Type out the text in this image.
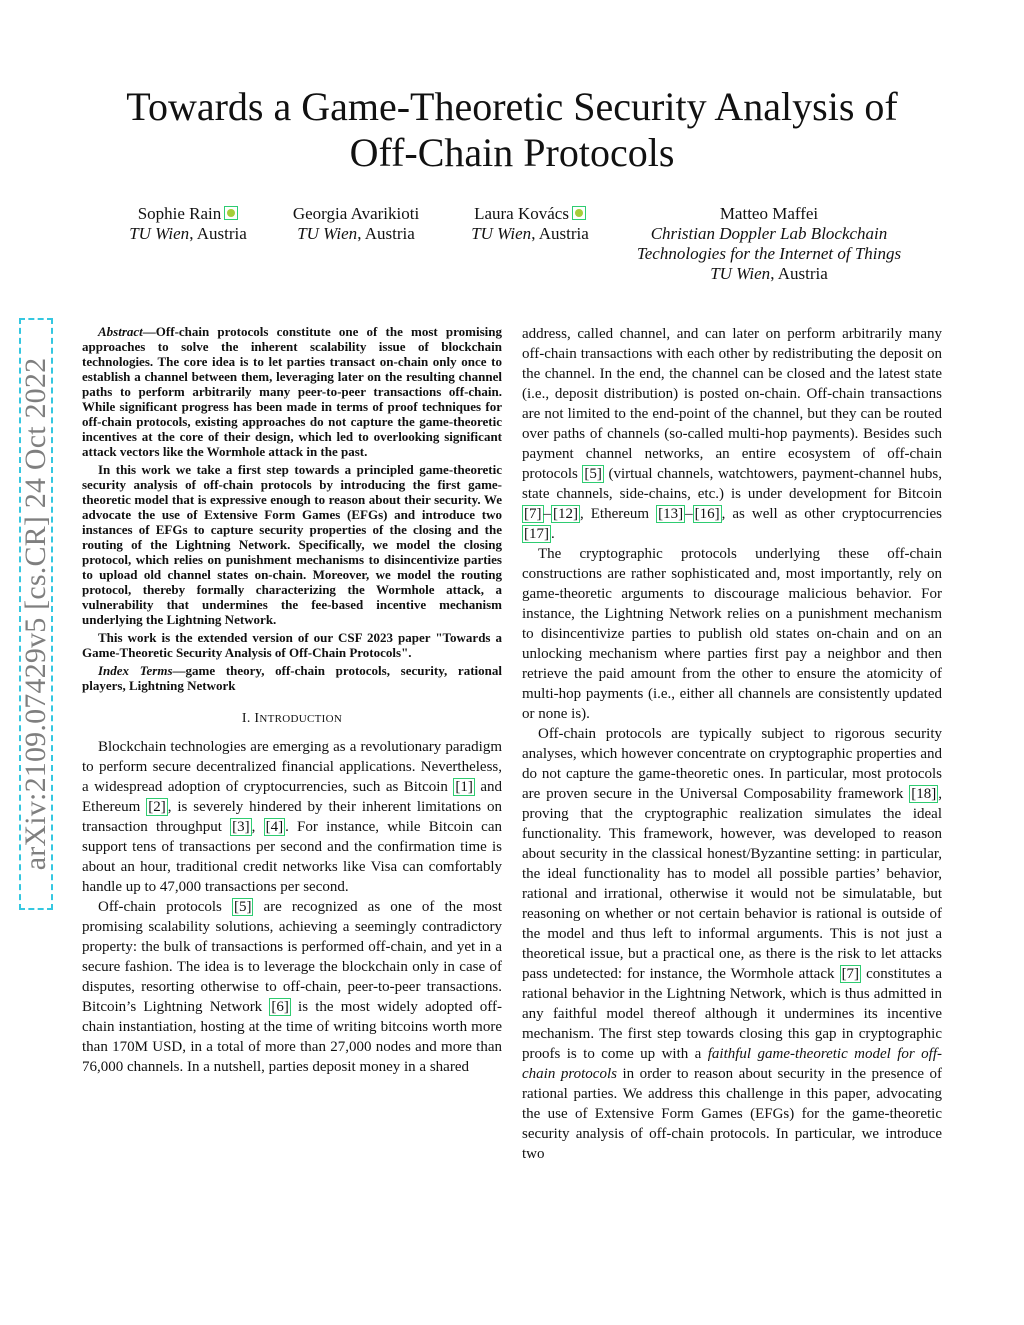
arXiv:2109.07429v5 [cs.CR] 24 Oct 2022
Towards a Game-Theoretic Security Analysis of
Off-Chain Protocols
Sophie Rain
TU Wien, Austria
Georgia Avarikioti
TU Wien, Austria
Laura Kovács
TU Wien, Austria
Matteo Maffei
Christian Doppler Lab Blockchain
Technologies for the Internet of Things
TU Wien, Austria

Abstract—Off-chain protocols constitute one of the most promising approaches to solve the inherent scalability issue of blockchain technologies. The core idea is to let parties transact on-chain only once to establish a channel between them, leveraging later on the resulting channel paths to perform arbitrarily many peer-to-peer transactions off-chain. While significant progress has been made in terms of proof techniques for off-chain protocols, existing approaches do not capture the game-theoretic incentives at the core of their design, which led to overlooking significant attack vectors like the Wormhole attack in the past.

In this work we take a first step towards a principled game-theoretic security analysis of off-chain protocols by introducing the first game-theoretic model that is expressive enough to reason about their security. We advocate the use of Extensive Form Games (EFGs) and introduce two instances of EFGs to capture security properties of the closing and the routing of the Lightning Network. Specifically, we model the closing protocol, which relies on punishment mechanisms to disincentivize parties to upload old channel states on-chain. Moreover, we model the routing protocol, thereby formally characterizing the Wormhole attack, a vulnerability that undermines the fee-based incentive mechanism underlying the Lightning Network.

This work is the extended version of our CSF 2023 paper "Towards a Game-Theoretic Security Analysis of Off-Chain Protocols".

Index Terms—game theory, off-chain protocols, security, rational players, Lightning Network

I. INTRODUCTION

Blockchain technologies are emerging as a revolutionary paradigm to perform secure decentralized financial applications. Nevertheless, a widespread adoption of cryptocurrencies, such as Bitcoin [1] and Ethereum [2] , is severely hindered by their inherent limitations on transaction throughput [3] , [4] . For instance, while Bitcoin can support tens of transactions per second and the confirmation time is about an hour, traditional credit networks like Visa can comfortably handle up to 47,000 transactions per second.

Off-chain protocols [5] are recognized as one of the most promising scalability solutions, achieving a seemingly contradictory property: the bulk of transactions is performed off-chain, and yet in a secure fashion. The idea is to leverage the blockchain only in case of disputes, resorting otherwise to off-chain, peer-to-peer transactions. Bitcoin’s Lightning Network [6] is the most widely adopted off-chain instantiation, hosting at the time of writing bitcoins worth more than 170M USD, in a total of more than 27,000 nodes and more than 76,000 channels. In a nutshell, parties deposit money in a shared

address, called channel, and can later on perform arbitrarily many off-chain transactions with each other by redistributing the deposit on the channel. In the end, the channel can be closed and the latest state (i.e., deposit distribution) is posted on-chain. Off-chain transactions are not limited to the end-point of the channel, but they can be routed over paths of channels (so-called multi-hop payments). Besides such payment channel networks, an entire ecosystem of off-chain protocols [5] (virtual channels, watchtowers, payment-channel hubs, state channels, side-chains, etc.) is under development for Bitcoin [7] – [12] , Ethereum [13] – [16] , as well as other cryptocurrencies [17] .

The cryptographic protocols underlying these off-chain constructions are rather sophisticated and, most importantly, rely on game-theoretic arguments to discourage malicious behavior. For instance, the Lightning Network relies on a punishment mechanism to disincentivize parties to publish old states on-chain and on an unlocking mechanism where parties first pay a neighbor and then retrieve the paid amount from the other to ensure the atomicity of multi-hop payments (i.e., either all channels are consistently updated or none is).

Off-chain protocols are typically subject to rigorous security analyses, which however concentrate on cryptographic properties and do not capture the game-theoretic ones. In particular, most protocols are proven secure in the Universal Composability framework [18] , proving that the cryptographic realization simulates the ideal functionality. This framework, however, was developed to reason about security in the classical honest/Byzantine setting: in particular, the ideal functionality has to model all possible parties’ behavior, rational and irrational, otherwise it would not be simulatable, but reasoning on whether or not certain behavior is rational is outside of the model and thus left to informal arguments. This is not just a theoretical issue, but a practical one, as there is the risk to let attacks pass undetected: for instance, the Wormhole attack [7] constitutes a rational behavior in the Lightning Network, which is thus admitted in any faithful model thereof although it undermines its incentive mechanism. The first step towards closing this gap in cryptographic proofs is to come up with a faithful game-theoretic model for off-chain protocols in order to reason about security in the presence of rational parties. We address this challenge in this paper, advocating the use of Extensive Form Games (EFGs) for the game-theoretic security analysis of off-chain protocols. In particular, we introduce two
